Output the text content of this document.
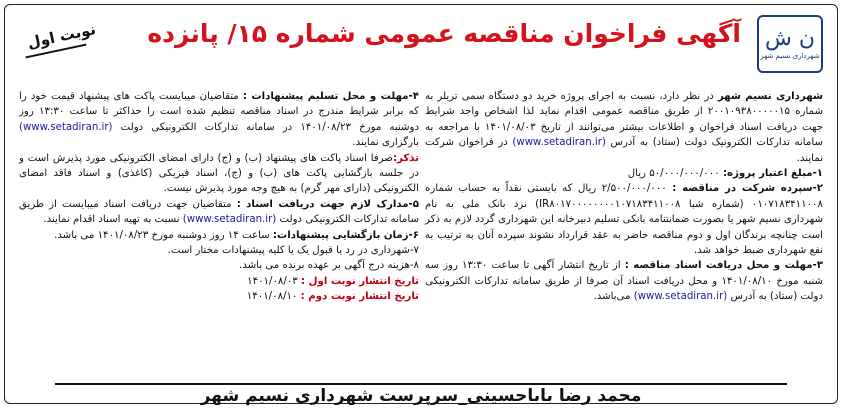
ن ش
شهرداری نسیم شهر
آگهی فراخوان مناقصه عمومی شماره ۱۵/ پانزده
نوبت اول

شهرداری نسیم شهر در نظر دارد، نسبت به اجرای پروژه خرید دو دستگاه سمی تریلر به شماره ۲۰۰۱۰۹۳۸۰۰۰۰۰۱۵ از طریق مناقصه عمومی اقدام نماید لذا اشخاص واجد شرایط جهت دریافت اسناد فراخوان و اطلاعات بیشتر می‌توانند از تاریخ ۱۴۰۱/۰۸/۰۳ با مراجعه به سامانه تدارکات الکترونیک دولت (ستاد) به آدرس (www.setadiran.ir) در فراخوان شرکت نمایند.

۱-مبلغ اعتبار پروژه: ۵۰/۰۰۰/۰۰۰/۰۰۰ ریال

۲-سپرده شرکت در مناقصه : ۲/۵۰۰/۰۰۰/۰۰۰ ریال که بایستی نقداً به حساب شماره ۰۱۰۷۱۸۳۴۱۱۰۰۸ (شماره شبا IR۸۰۱۷۰۰۰۰۰۰۰۰۱۰۷۱۸۳۴۱۱۰۰۸) نزد بانک ملی به نام شهرداری نسیم شهر یا بصورت ضمانتنامه بانکی تسلیم دبیرخانه این شهرداری گردد لازم به ذکر است چنانچه برندگان اول و دوم مناقصه حاضر به عقد قرارداد نشوند سپرده آنان به ترتیب به نفع شهرداری ضبط خواهد شد.

۳-مهلت و محل دریافت اسناد مناقصه : از تاریخ انتشار آگهی تا ساعت ۱۳:۳۰ روز سه شنبه مورخ ۱۴۰۱/۰۸/۱۰ و محل دریافت اسناد آن صرفا از طریق سامانه تدارکات الکترونیکی دولت (ستاد) به آدرس (www.setadiran.ir) می‌باشد.

۴-مهلت و محل تسلیم پیشنهادات : متقاضیان میبایست پاکت های پیشنهاد قیمت خود را که برابر شرایط مندرج در اسناد مناقصه تنظیم شده است را حداکثر تا ساعت ۱۳:۳۰ روز دوشنبه مورخ ۱۴۰۱/۰۸/۲۳ در سامانه تدارکات الکترونیکی دولت (www.setadiran.ir) بارگزاری نمایند.

تذکر:صرفا اسناد پاکت های پیشنهاد (ب) و (ج) دارای امضای الکترونیکی مورد پذیرش است و در جلسه بازگشایی پاکت های (ب) و (ج)، اسناد فیزیکی (کاغذی) و اسناد فاقد امضای الکترونیکی (دارای مهر گرم) به هیچ وجه مورد پذیرش نیست.

۵-مدارک لازم جهت دریافت اسناد : متقاضیان جهت دریافت اسناد میبایست از طریق سامانه تدارکات الکترونیکی دولت (www.setadiran.ir) نسبت به تهیه اسناد اقدام نمایند.

۶-زمان بازگشایی پیشنهادات: ساعت ۱۴ روز دوشنبه مورخ ۱۴۰۱/۰۸/۲۳ می باشد.

۷-شهرداری در رد یا قبول یک یا کلیه پیشنهادات مختار است.

۸-هزینه درج آگهی بر عهده برنده می باشد.

تاریخ انتشار نوبت اول : ۱۴۰۱/۰۸/۰۳

تاریخ انتشار نوبت دوم : ۱۴۰۱/۰۸/۱۰

محمد رضا باباحسینی_سرپرست شهرداری نسیم شهر
